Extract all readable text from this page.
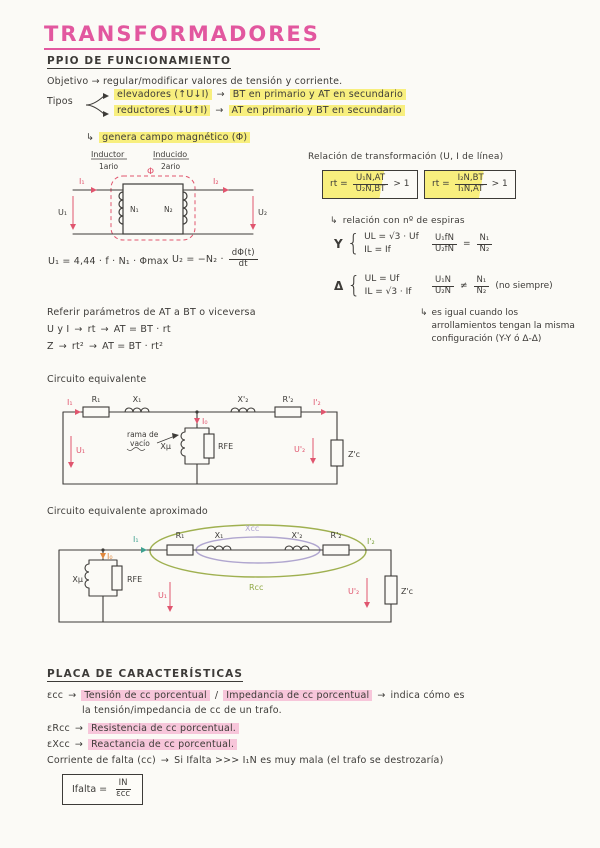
TRANSFORMADORES
PPIO DE FUNCIONAMIENTO
Objetivo → regular/modificar valores de tensión y corriente.
Tipos
elevadores (↑U↓I) → BT en primario y AT en secundario
reductores (↓U↑I) → AT en primario y BT en secundario
↳ genera campo magnético (Φ)
Inductor
1ario
Inducido
2ario
Φ
N₁	N₂
U₁
I₁	I₂
U₂
U₁ = 4,44 · f · N₁ · Φmax $U_2 = -N_2 \cdot \frac{d\Phi(t)}{dt}$
Relación de transformación (U, I de línea)
rt = $\frac{\text{U₁N,AT}}{\text{U₂N,BT}} > 1$	rt = $\frac{\text{I₂N,BT}}{\text{I₁N,AT}} > 1$
↳ relación con nº de espiras
Y { UL = √3 · Uf
IL = If	$\frac{\text{U₁fN}}{\text{U₂fN}} = \frac{\text{N₁}}{\text{N₂}}$
Δ { UL = Uf
IL = √3 · If $\frac{\text{U₁N}}{\text{U₂N}} \ne \frac{\text{N₁}}{\text{N₂}} (no$ siempre)
↳ es igual cuando los
arrollamientos tengan la misma
configuración (Y-Y ó Δ-Δ)
Referir parámetros de AT a BT o viceversa
U y I → rt → AT = BT · rt
Z → rt² → AT = BT · rt²
Circuito equivalente
R₁	X₁	X'₂	R'₂
Xμ	RFE
Z'c
rama de
vacío
I₁	I'₂
I₀
U₁	U'₂
Circuito equivalente aproximado
Xcc
Rcc
R₁	X₁	X'₂	R'₂
Xμ	RFE
Z'c
I₁
I₀
I'₂
U₁	U'₂
PLACA DE CARACTERÍSTICAS
εcc → Tensión de cc porcentual / Impedancia de cc porcentual → indica cómo es
la tensión/impedancia de cc de un trafo.
εRcc → Resistencia de cc porcentual.
εXcc → Reactancia de cc porcentual.
Corriente de falta (cc) → Si Ifalta >>> I₁N es muy mala (el trafo se destrozaría)
Ifalta = $\frac{IN}{\text{εcc}}$
